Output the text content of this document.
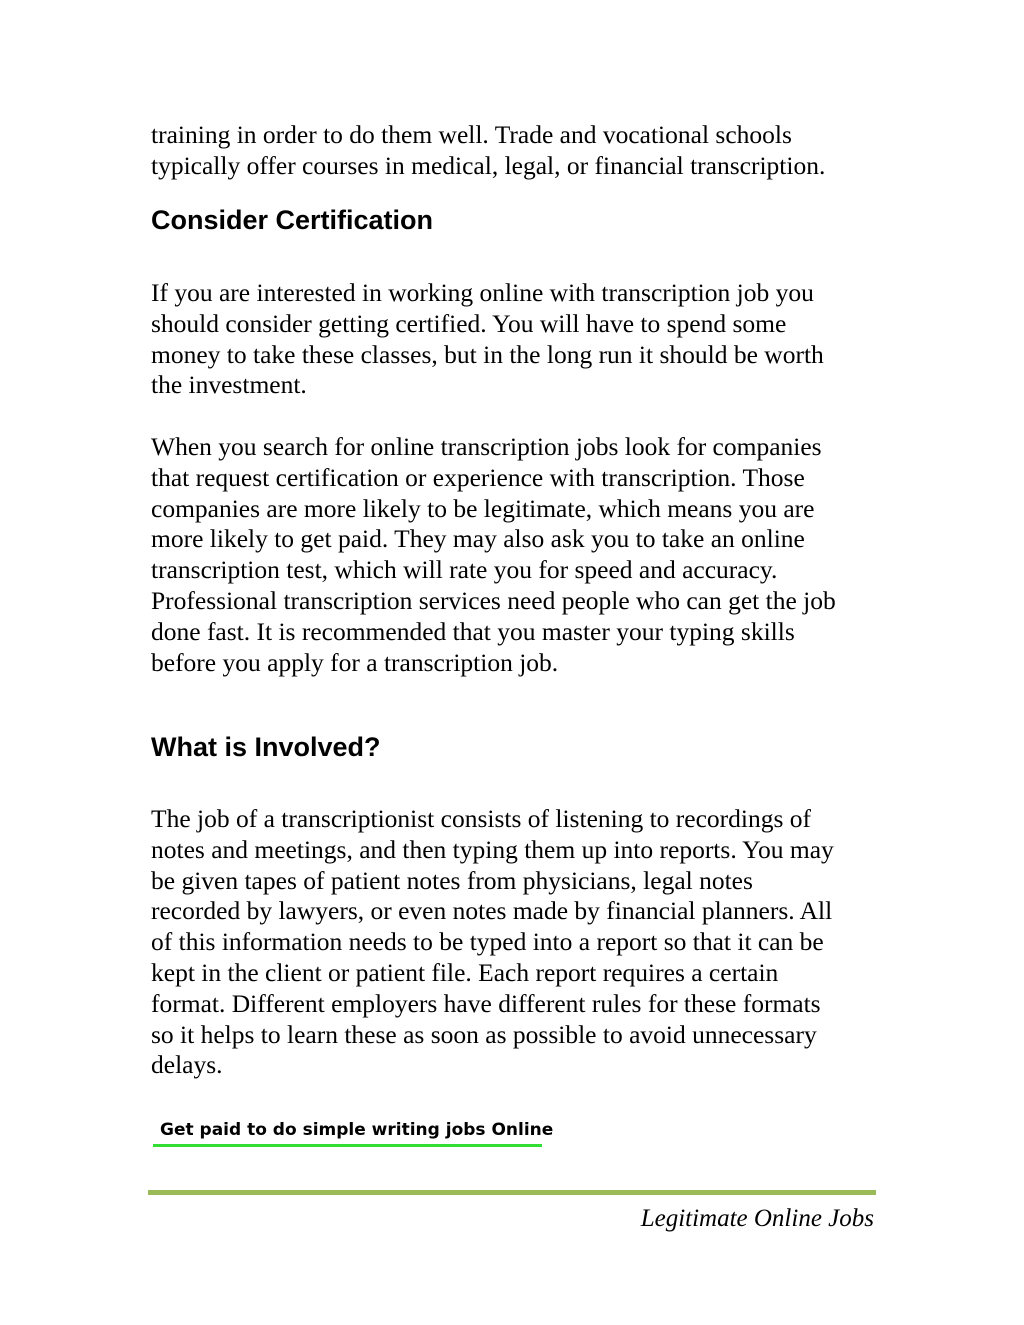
training in order to do them well. Trade and vocational schools
typically offer courses in medical, legal, or financial transcription.

Consider Certification

If you are interested in working online with transcription job you
should consider getting certified. You will have to spend some
money to take these classes, but in the long run it should be worth
the investment.

When you search for online transcription jobs look for companies
that request certification or experience with transcription. Those
companies are more likely to be legitimate, which means you are
more likely to get paid. They may also ask you to take an online
transcription test, which will rate you for speed and accuracy.
Professional transcription services need people who can get the job
done fast. It is recommended that you master your typing skills
before you apply for a transcription job.

What is Involved?

The job of a transcriptionist consists of listening to recordings of
notes and meetings, and then typing them up into reports. You may
be given tapes of patient notes from physicians, legal notes
recorded by lawyers, or even notes made by financial planners. All
of this information needs to be typed into a report so that it can be
kept in the client or patient file. Each report requires a certain
format. Different employers have different rules for these formats
so it helps to learn these as soon as possible to avoid unnecessary
delays.

Get paid to do simple writing jobs Online
Legitimate Online Jobs
